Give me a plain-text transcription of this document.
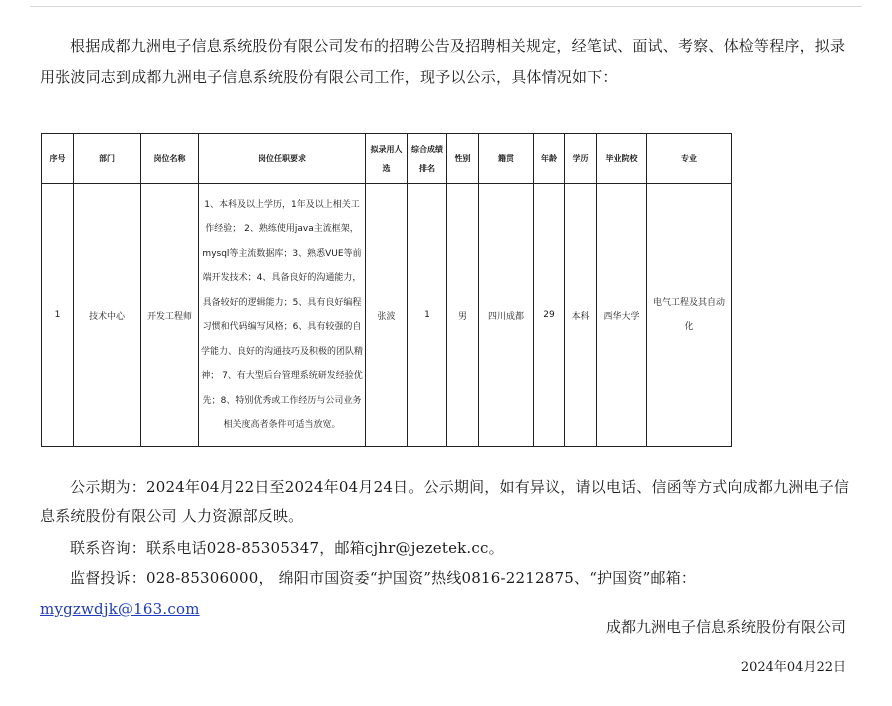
根据成都九洲电子信息系统股份有限公司发布的招聘公告及招聘相关规定，经笔试、面试、考察、体检等程序，拟录用张波同志到成都九洲电子信息系统股份有限公司工作，现予以公示，具体情况如下：
序号	部门	岗位名称	岗位任职要求	拟录用人选	综合成绩排名	性别	籍贯	年龄	学历	毕业院校	专业
1	技术中心	开发工程师	1、本科及以上学历，1年及以上相关工作经验； 2、熟练使用java主流框架，mysql等主流数据库；3、熟悉VUE等前端开发技术；4、具备良好的沟通能力，具备较好的逻辑能力；5、具有良好编程习惯和代码编写风格；6、具有较强的自学能力、良好的沟通技巧及积极的团队精神； 7、有大型后台管理系统研发经验优先；8、特别优秀或工作经历与公司业务相关度高者条件可适当放宽。	张波	1	男	四川成都	29	本科	西华大学	电气工程及其自动化
公示期为：2024年04月22日至2024年04月24日。公示期间，如有异议，请以电话、信函等方式向成都九洲电子信息系统股份有限公司 人力资源部反映。
联系咨询：联系电话028-85305347，邮箱cjhr@jezetek.cc。
监督投诉：028-85306000， 绵阳市国资委“护国资”热线0816-2212875、“护国资”邮箱：mygzwdjk@163.com
成都九洲电子信息系统股份有限公司
2024年04月22日
